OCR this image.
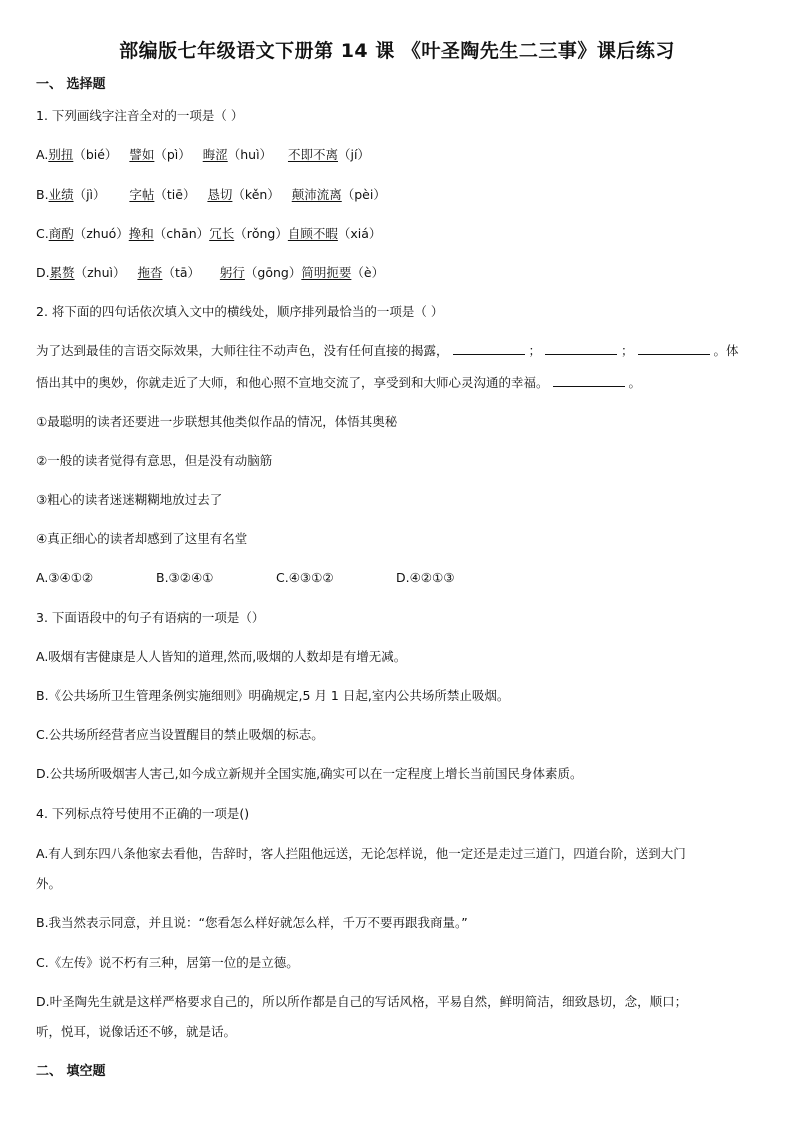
部编版七年级语文下册第 14 课 《叶圣陶先生二三事》课后练习
一、 选择题
1. 下列画线字注音全对的一项是（ ）
A.别扭（bié） 譬如（pì） 晦涩（huì） 不即不离（jí）
B.业绩（jì） 字帖（tiē） 恳切（kěn） 颠沛流离（pèi）
C.商酌（zhuó）搀和（chān）冗长（rǒng）自顾不暇（xiá）
D.累赘（zhuì） 拖沓（tā） 躬行（gōng）简明扼要（è）
2. 将下面的四句话依次填入文中的横线处，顺序排列最恰当的一项是（ ）
为了达到最佳的言语交际效果，大师往往不动声色，没有任何直接的揭露，	；	；	。体
悟出其中的奥妙，你就走近了大师，和他心照不宣地交流了，享受到和大师心灵沟通的幸福。	。
①最聪明的读者还要进一步联想其他类似作品的情况，体悟其奥秘
②一般的读者觉得有意思，但是没有动脑筋
③粗心的读者迷迷糊糊地放过去了
④真正细心的读者却感到了这里有名堂
A.③④①②	B.③②④①	C.④③①②	D.④②①③
3. 下面语段中的句子有语病的一项是（）
A.吸烟有害健康是人人皆知的道理,然而,吸烟的人数却是有增无减。
B.《公共场所卫生管理条例实施细则》明确规定,5 月 1 日起,室内公共场所禁止吸烟。
C.公共场所经营者应当设置醒目的禁止吸烟的标志。
D.公共场所吸烟害人害己,如今成立新规并全国实施,确实可以在一定程度上增长当前国民身体素质。
4. 下列标点符号使用不正确的一项是()
A.有人到东四八条他家去看他，告辞时，客人拦阻他远送，无论怎样说，他一定还是走过三道门，四道台阶，送到大门
外。
B.我当然表示同意，并且说：“您看怎么样好就怎么样，千万不要再跟我商量。”
C.《左传》说不朽有三种，居第一位的是立德。
D.叶圣陶先生就是这样严格要求自己的，所以所作都是自己的写话风格，平易自然，鲜明简洁，细致恳切，念，顺口；
听，悦耳，说像话还不够，就是话。
二、 填空题
